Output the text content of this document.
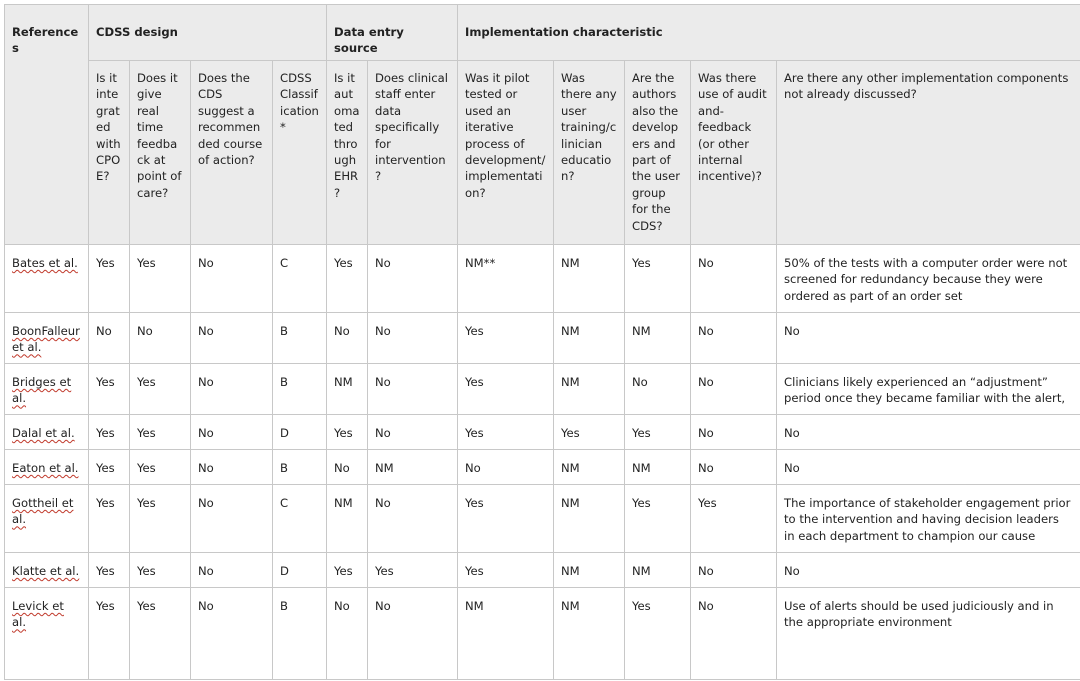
References	CDSS design				Data entry source		Implementation characteristic				
	Is it integrated with CPOE?	Does it give real time feedback at point of care?	Does the CDS suggest a recommended course of action?	CDSS Classification *	Is it automated through EHR?	Does clinical staff enter data specifically for intervention?	Was it pilot tested or used an iterative process of development/implementation?	Was there any user training/clinician education?	Are the authors also the developers and part of the user group for the CDS?	Was there use of audit and-feedback (or other internal incentive)?	Are there any other implementation components not already discussed?
Bates et al.	Yes	Yes	No	C	Yes	No	NM**	NM	Yes	No	50% of the tests with a computer order were not screened for redundancy because they were ordered as part of an order set
BoonFalleur et al.	No	No	No	B	No	No	Yes	NM	NM	No	No
Bridges et al.	Yes	Yes	No	B	NM	No	Yes	NM	No	No	Clinicians likely experienced an “adjustment” period once they became familiar with the alert,
Dalal et al.	Yes	Yes	No	D	Yes	No	Yes	Yes	Yes	No	No
Eaton et al.	Yes	Yes	No	B	No	NM	No	NM	NM	No	No
Gottheil et al.	Yes	Yes	No	C	NM	No	Yes	NM	Yes	Yes	The importance of stakeholder engagement prior to the intervention and having decision leaders in each department to champion our cause
Klatte et al.	Yes	Yes	No	D	Yes	Yes	Yes	NM	NM	No	No
Levick et al.	Yes	Yes	No	B	No	No	NM	NM	Yes	No	Use of alerts should be used judiciously and in the appropriate environment
